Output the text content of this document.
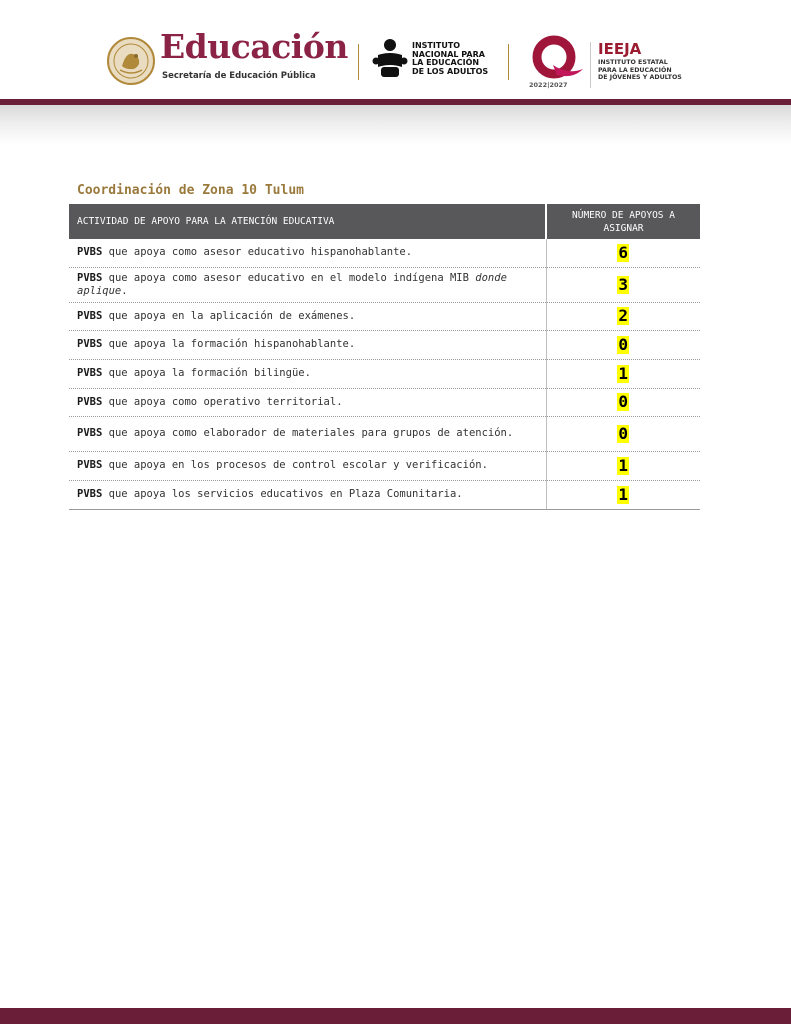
Educación
Secretaría de Educación Pública
INSTITUTO
NACIONAL PARA
LA EDUCACIÓN
DE LOS ADULTOS
2022|2027
IEEJA
INSTITUTO ESTATAL
PARA LA EDUCACIÓN
DE JÓVENES Y ADULTOS
Coordinación de Zona 10 Tulum
ACTIVIDAD DE APOYO PARA LA ATENCIÓN EDUCATIVA	NÚMERO DE APOYOS A ASIGNAR
PVBS que apoya como asesor educativo hispanohablante.	6
PVBS que apoya como asesor educativo en el modelo indígena MIB donde aplique.	3
PVBS que apoya en la aplicación de exámenes.	2
PVBS que apoya la formación hispanohablante.	0
PVBS que apoya la formación bilingüe.	1
PVBS que apoya como operativo territorial.	0
PVBS que apoya como elaborador de materiales para grupos de atención.	0
PVBS que apoya en los procesos de control escolar y verificación.	1
PVBS que apoya los servicios educativos en Plaza Comunitaria.	1
